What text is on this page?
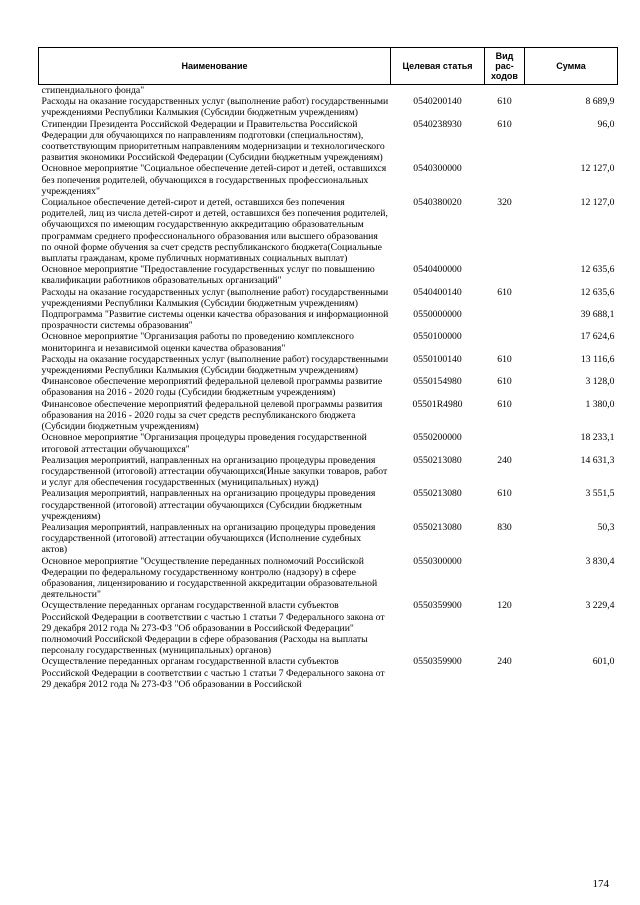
Наименование	Целевая статья	Вид рас-ходов	Сумма
стипендиального фонда"			
Расходы на оказание государственных услуг (выполнение работ) государственными учреждениями Республики Калмыкия (Субсидии бюджетным учреждениям)	0540200140	610	8 689,9
Стипендии Президента Российской Федерации и Правительства Российской Федерации для обучающихся по направлениям подготовки (специальностям), соответствующим приоритетным направлениям модернизации и технологического развития экономики Российской Федерации (Субсидии бюджетным учреждениям)	0540238930	610	96,0
Основное мероприятие "Социальное обеспечение детей-сирот и детей, оставшихся без попечения родителей, обучающихся в государственных профессиональных учреждениях"	0540300000		12 127,0
Социальное обеспечение детей-сирот и детей, оставшихся без попечения родителей, лиц из числа детей-сирот и детей, оставшихся без попечения родителей, обучающихся по имеющим государственную аккредитацию образовательным программам среднего профессионального образования или высшего образования по очной форме обучения за счет средств республиканского бюджета(Социальные выплаты гражданам, кроме публичных нормативных социальных выплат)	0540380020	320	12 127,0
Основное мероприятие "Предоставление государственных услуг по повышению квалификации работников образовательных организаций"	0540400000		12 635,6
Расходы на оказание государственных услуг (выполнение работ) государственными учреждениями Республики Калмыкия (Субсидии бюджетным учреждениям)	0540400140	610	12 635,6
Подпрограмма "Развитие системы оценки качества образования и информационной прозрачности системы образования"	0550000000		39 688,1
Основное мероприятие "Организация работы по проведению комплексного мониторинга и независимой оценки качества образования"	0550100000		17 624,6
Расходы на оказание государственных услуг (выполнение работ) государственными учреждениями Республики Калмыкия (Субсидии бюджетным учреждениям)	0550100140	610	13 116,6
Финансовое обеспечение мероприятий федеральной целевой программы развитие образования на 2016 - 2020 годы (Субсидии бюджетным учреждениям)	0550154980	610	3 128,0
Финансовое обеспечение мероприятий федеральной целевой программы развития образования на 2016 - 2020 годы за счет средств республиканского бюджета (Субсидии бюджетным учреждениям)	05501R4980	610	1 380,0
Основное мероприятие "Организация процедуры проведения государственной итоговой аттестации обучающихся"	0550200000		18 233,1
Реализация мероприятий, направленных на организацию процедуры проведения государственной (итоговой) аттестации обучающихся(Иные закупки товаров, работ и услуг для обеспечения государственных (муниципальных) нужд)	0550213080	240	14 631,3
Реализация мероприятий, направленных на организацию процедуры проведения государственной (итоговой) аттестации обучающихся (Субсидии бюджетным учреждениям)	0550213080	610	3 551,5
Реализация мероприятий, направленных на организацию процедуры проведения государственной (итоговой) аттестации обучающихся (Исполнение судебных актов)	0550213080	830	50,3
Основное мероприятие "Осуществление переданных полномочий Российской Федерации по федеральному государственному контролю (надзору) в сфере образования, лицензированию и государственной аккредитации образовательной деятельности"	0550300000		3 830,4
Осуществление переданных органам государственной власти субъектов Российской Федерации в соответствии с частью 1 статьи 7 Федерального закона от 29 декабря 2012 года № 273-ФЗ "Об образовании в Российской Федерации" полномочий Российской Федерации в сфере образования (Расходы на выплаты персоналу государственных (муниципальных) органов)	0550359900	120	3 229,4
Осуществление переданных органам государственной власти субъектов Российской Федерации в соответствии с частью 1 статьи 7 Федерального закона от 29 декабря 2012 года № 273-ФЗ "Об образовании в Российской	0550359900	240	601,0
174
